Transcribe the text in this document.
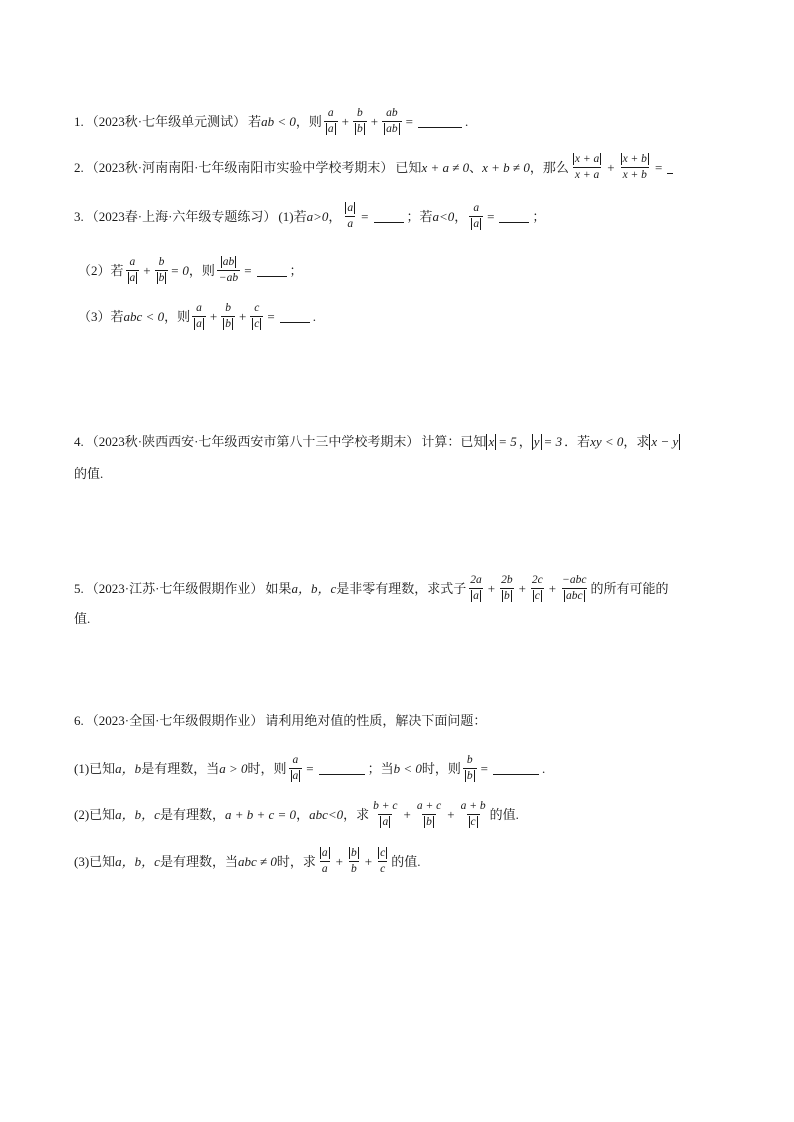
1. （2023秋·七年级单元测试） 若 ab < 0 ，则 $\frac{a}{a} + \frac{b}{b} + \frac{ab}{ab}$ =	.
2. （2023秋·河南南阳·七年级南阳市实验中学校考期末） 已知 x + a ≠ 0 、 x + b ≠ 0 ，那么 $\frac{x + a}{x + a} + \frac{x + b}{x + b}$ =
3. （2023春·上海·六年级专题练习） (1) 若 a>0 ， $\frac{a}{a}$ =	；若 a<0 ， $\frac{a}{a}$ =	；
（2） 若 $\frac{a}{a} + \frac{b}{b} = 0$ ，则 $\frac{ab}{-ab}$ =	；
（3） 若 abc < 0 ，则 $\frac{a}{a} + \frac{b}{b} + \frac{c}{c}$ =	.
4. （2023秋·陕西西安·七年级西安市第八十三中学校考期末） 计算：已知 x = 5 ， y = 3 ．若 xy < 0 ，求 x − y
的值.
5. （2023·江苏·七年级假期作业） 如果 a，b，c 是非零有理数，求式子 $\frac{2a}{a} + \frac{2b}{b} + \frac{2c}{c} + \frac{\text{−abc}}{\text{abc}}$ 的所有可能的
值.
6. （2023·全国·七年级假期作业） 请利用绝对值的性质，解决下面问题：
(1)已知 a，b 是有理数，当 a > 0 时，则 $\frac{a}{a}$ =	；当 b < 0 时，则 $\frac{b}{b}$ =	.
(2)已知 a，b，c 是有理数， a + b + c = 0 ， abc<0 ，求 $\frac{b + c}{a} + \frac{a + c}{b} + \frac{a + b}{c}$ 的值.
(3)已知 a，b，c 是有理数，当 abc ≠ 0 时，求 $\frac{a}{a} + \frac{b}{b} + \frac{c}{c}$ 的值.
